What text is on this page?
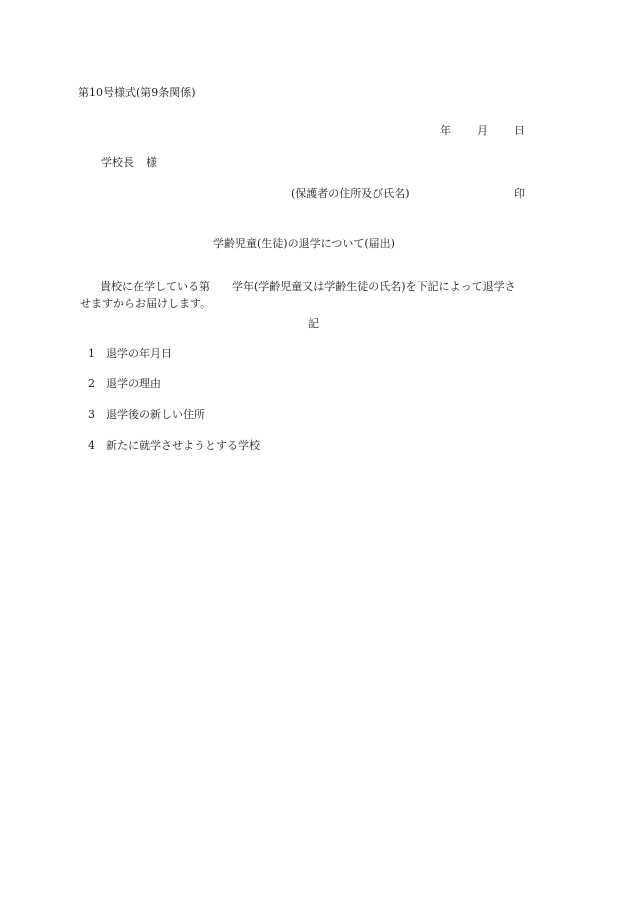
第10号様式(第9条関係)
年 月 日
学校長 様
(保護者の住所及び氏名)	印
学齢児童(生徒)の退学について(届出)
貴校に在学している第 学年(学齢児童又は学齢生徒の氏名)を下記によって退学さ
せますからお届けします。
記
1 退学の年月日
2 退学の理由
3 退学後の新しい住所
4 新たに就学させようとする学校
